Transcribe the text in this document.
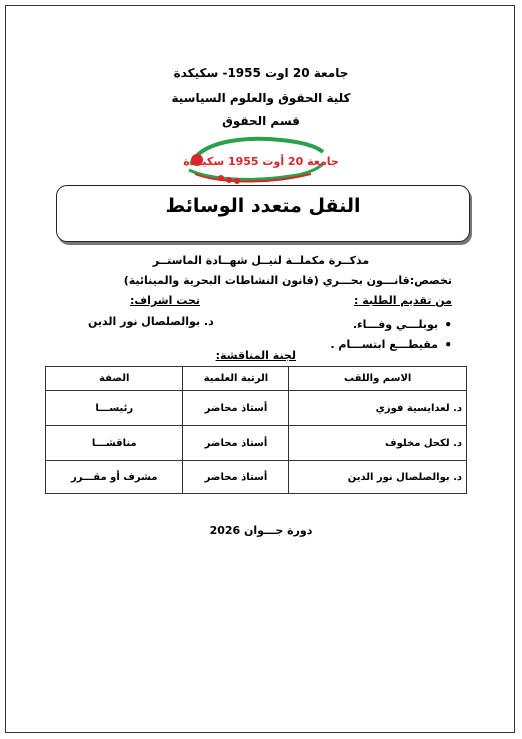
جامعة 20 اوت 1955- سكيكدة
كلية الحقوق والعلوم السياسية
قسم الحقوق
جامعة 20 أوت 1955 سكيكدة
النقل متعدد الوسائط
مذكــرة مكملــة لنيــل شهــادة الماستــر
تخصص:قانـــون بحـــري (قانون النشاطات البحرية والمينائية)
من تقديم الطلبة :
تحت اشراف:
• بوبلـــي وفـــاء.
• مقيطـــع ابتســـام .
د. بوالصلصال نور الدين
لجنة المناقشة:
الاسم واللقب	الرتبة العلمية	الصفة
د. لعدايسية فوزي	أستاذ محاضر	رئيســـا
د. لكحل مخلوف	أستاذ محاضر	مناقشـــا
د. بوالصلصال نور الدين	أستاذ محاضر	مشرف أو مقـــرر
دورة جـــوان 2026
